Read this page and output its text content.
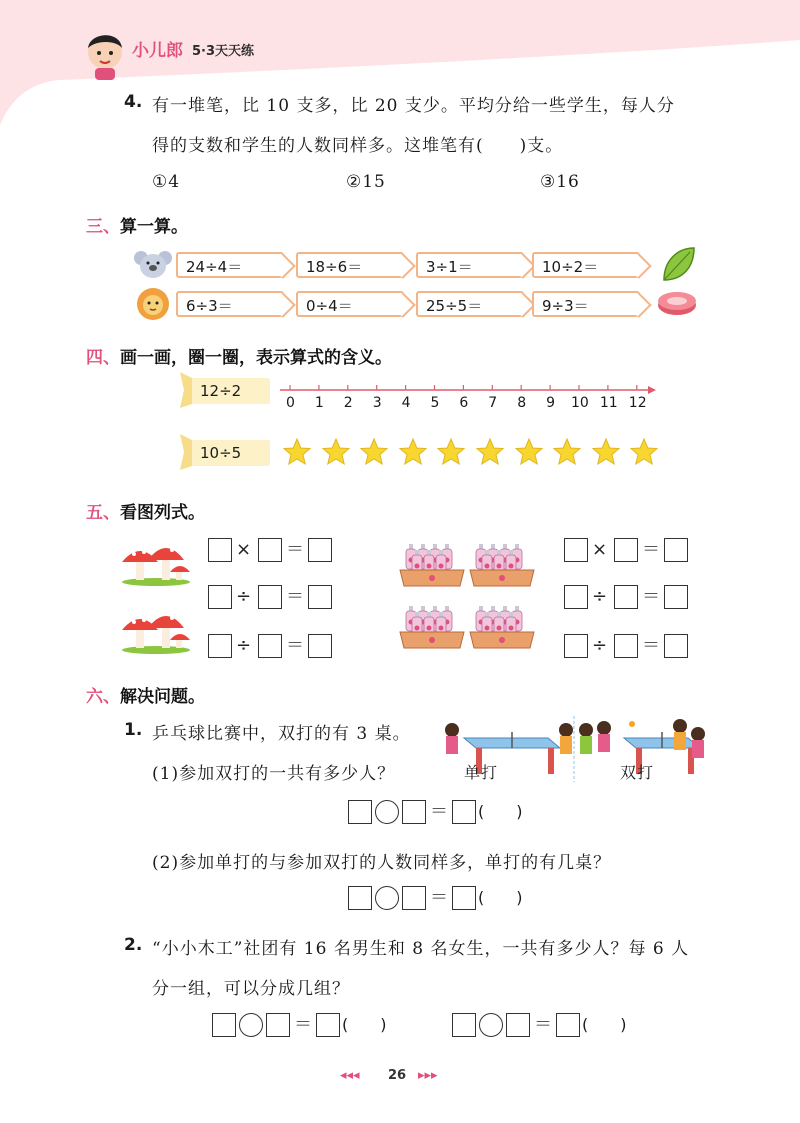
小儿郎 5·3天天练
4. 有一堆笔，比 10 支多，比 20 支少。平均分给一些学生，每人分
得的支数和学生的人数同样多。这堆笔有(　　)支。
①4	②15	③16
三、算一算。
24÷4＝	18÷6＝	3÷1＝	10÷2＝
6÷3＝	0÷4＝	25÷5＝	9÷3＝
四、画一画，圈一圈，表示算式的含义。
12÷2
0 1 2 3 4 5 6 7 8 9 10 11 12
10÷5
五、看图列式。
× ＝
÷ ＝
÷ ＝
× ＝
÷ ＝
÷ ＝
六、解决问题。
1. 乒乓球比赛中，双打的有 3 桌。
(1)参加双打的一共有多少人？	单打	双打
＝ (　　)
(2)参加单打的与参加双打的人数同样多，单打的有几桌？
＝ (　　)
2. “小小木工”社团有 16 名男生和 8 名女生，一共有多少人？每 6 人
分一组，可以分成几组？
＝ (　　)	＝ (　　)
◂◂◂ 26 ▸▸▸
